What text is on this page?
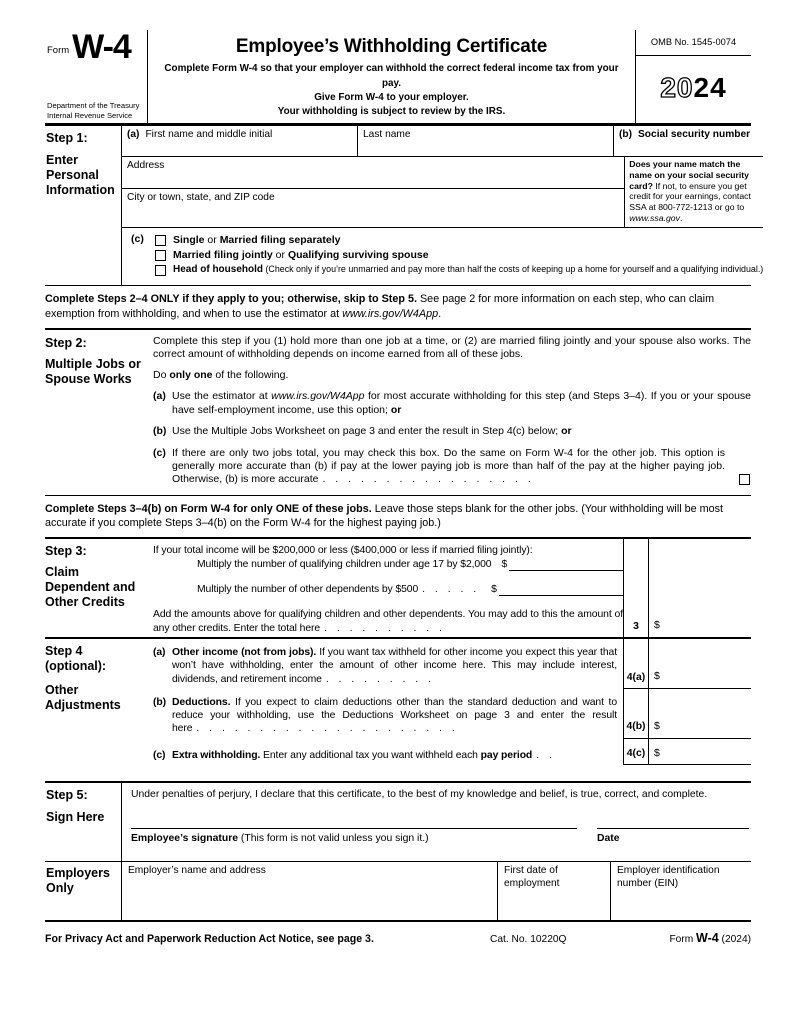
Form W-4
Department of the Treasury
Internal Revenue Service
Employee’s Withholding Certificate
Complete Form W-4 so that your employer can withhold the correct federal income tax from your pay.
Give Form W-4 to your employer.
Your withholding is subject to review by the IRS.
OMB No. 1545-0074
20 24
Step 1:
Enter Personal Information
(a) First name and middle initial	Last name	(b) Social security number
Address
City or town, state, and ZIP code
Does your name match the name on your social security card? If not, to ensure you get credit for your earnings, contact SSA at 800-772-1213 or go to www.ssa.gov.
(c)	Single or Married filing separately
Married filing jointly or Qualifying surviving spouse
Head of household (Check only if you’re unmarried and pay more than half the costs of keeping up a home for yourself and a qualifying individual.)

Complete Steps 2–4 ONLY if they apply to you; otherwise, skip to Step 5. See page 2 for more information on each step, who can claim exemption from withholding, and when to use the estimator at www.irs.gov/W4App.

Step 2:
Multiple Jobs or Spouse Works

Complete this step if you (1) hold more than one job at a time, or (2) are married filing jointly and your spouse also works. The correct amount of withholding depends on income earned from all of these jobs.

Do only one of the following.

(a) Use the estimator at www.irs.gov/W4App for most accurate withholding for this step (and Steps 3–4). If you or your spouse have self-employment income, use this option; or

(b) Use the Multiple Jobs Worksheet on page 3 and enter the result in Step 4(c) below; or

(c) If there are only two jobs total, you may check this box. Do the same on Form W-4 for the other job. This option is generally more accurate than (b) if pay at the lower paying job is more than half of the pay at the higher paying job. Otherwise, (b) is more accurate . . . . . . . . . . . . . . . . .

Complete Steps 3–4(b) on Form W-4 for only ONE of these jobs. Leave those steps blank for the other jobs. (Your withholding will be most accurate if you complete Steps 3–4(b) on the Form W-4 for the highest paying job.)

Step 3:
Claim Dependent and Other Credits

If your total income will be $200,000 or less ($400,000 or less if married filing jointly):

Multiply the number of qualifying children under age 17 by $2,000 $
Multiply the number of other dependents by $500 . . . . .	$

Add the amounts above for qualifying children and other dependents. You may add to this the amount of any other credits. Enter the total here . . . . . . . . . .	3	$
Step 4 (optional):
Other Adjustments
(a) Other income (not from jobs). If you want tax withheld for other income you expect this year that won’t have withholding, enter the amount of other income here. This may include interest, dividends, and retirement income . . . . . . . . .	4(a) $
(b) Deductions. If you expect to claim deductions other than the standard deduction and want to reduce your withholding, use the Deductions Worksheet on page 3 and enter the result here . . . . . . . . . . . . . . . . . . . . .	4(b) $
(c) Extra withholding. Enter any additional tax you want withheld each pay period . .	4(c) $
Step 5:
Sign Here

Under penalties of perjury, I declare that this certificate, to the best of my knowledge and belief, is true, correct, and complete.

Employee’s signature (This form is not valid unless you sign it.)	Date
Employers Only
Employer’s name and address	First date of employment
Employer identification number (EIN)
For Privacy Act and Paperwork Reduction Act Notice, see page 3.	Cat. No. 10220Q	Form W-4 (2024)
